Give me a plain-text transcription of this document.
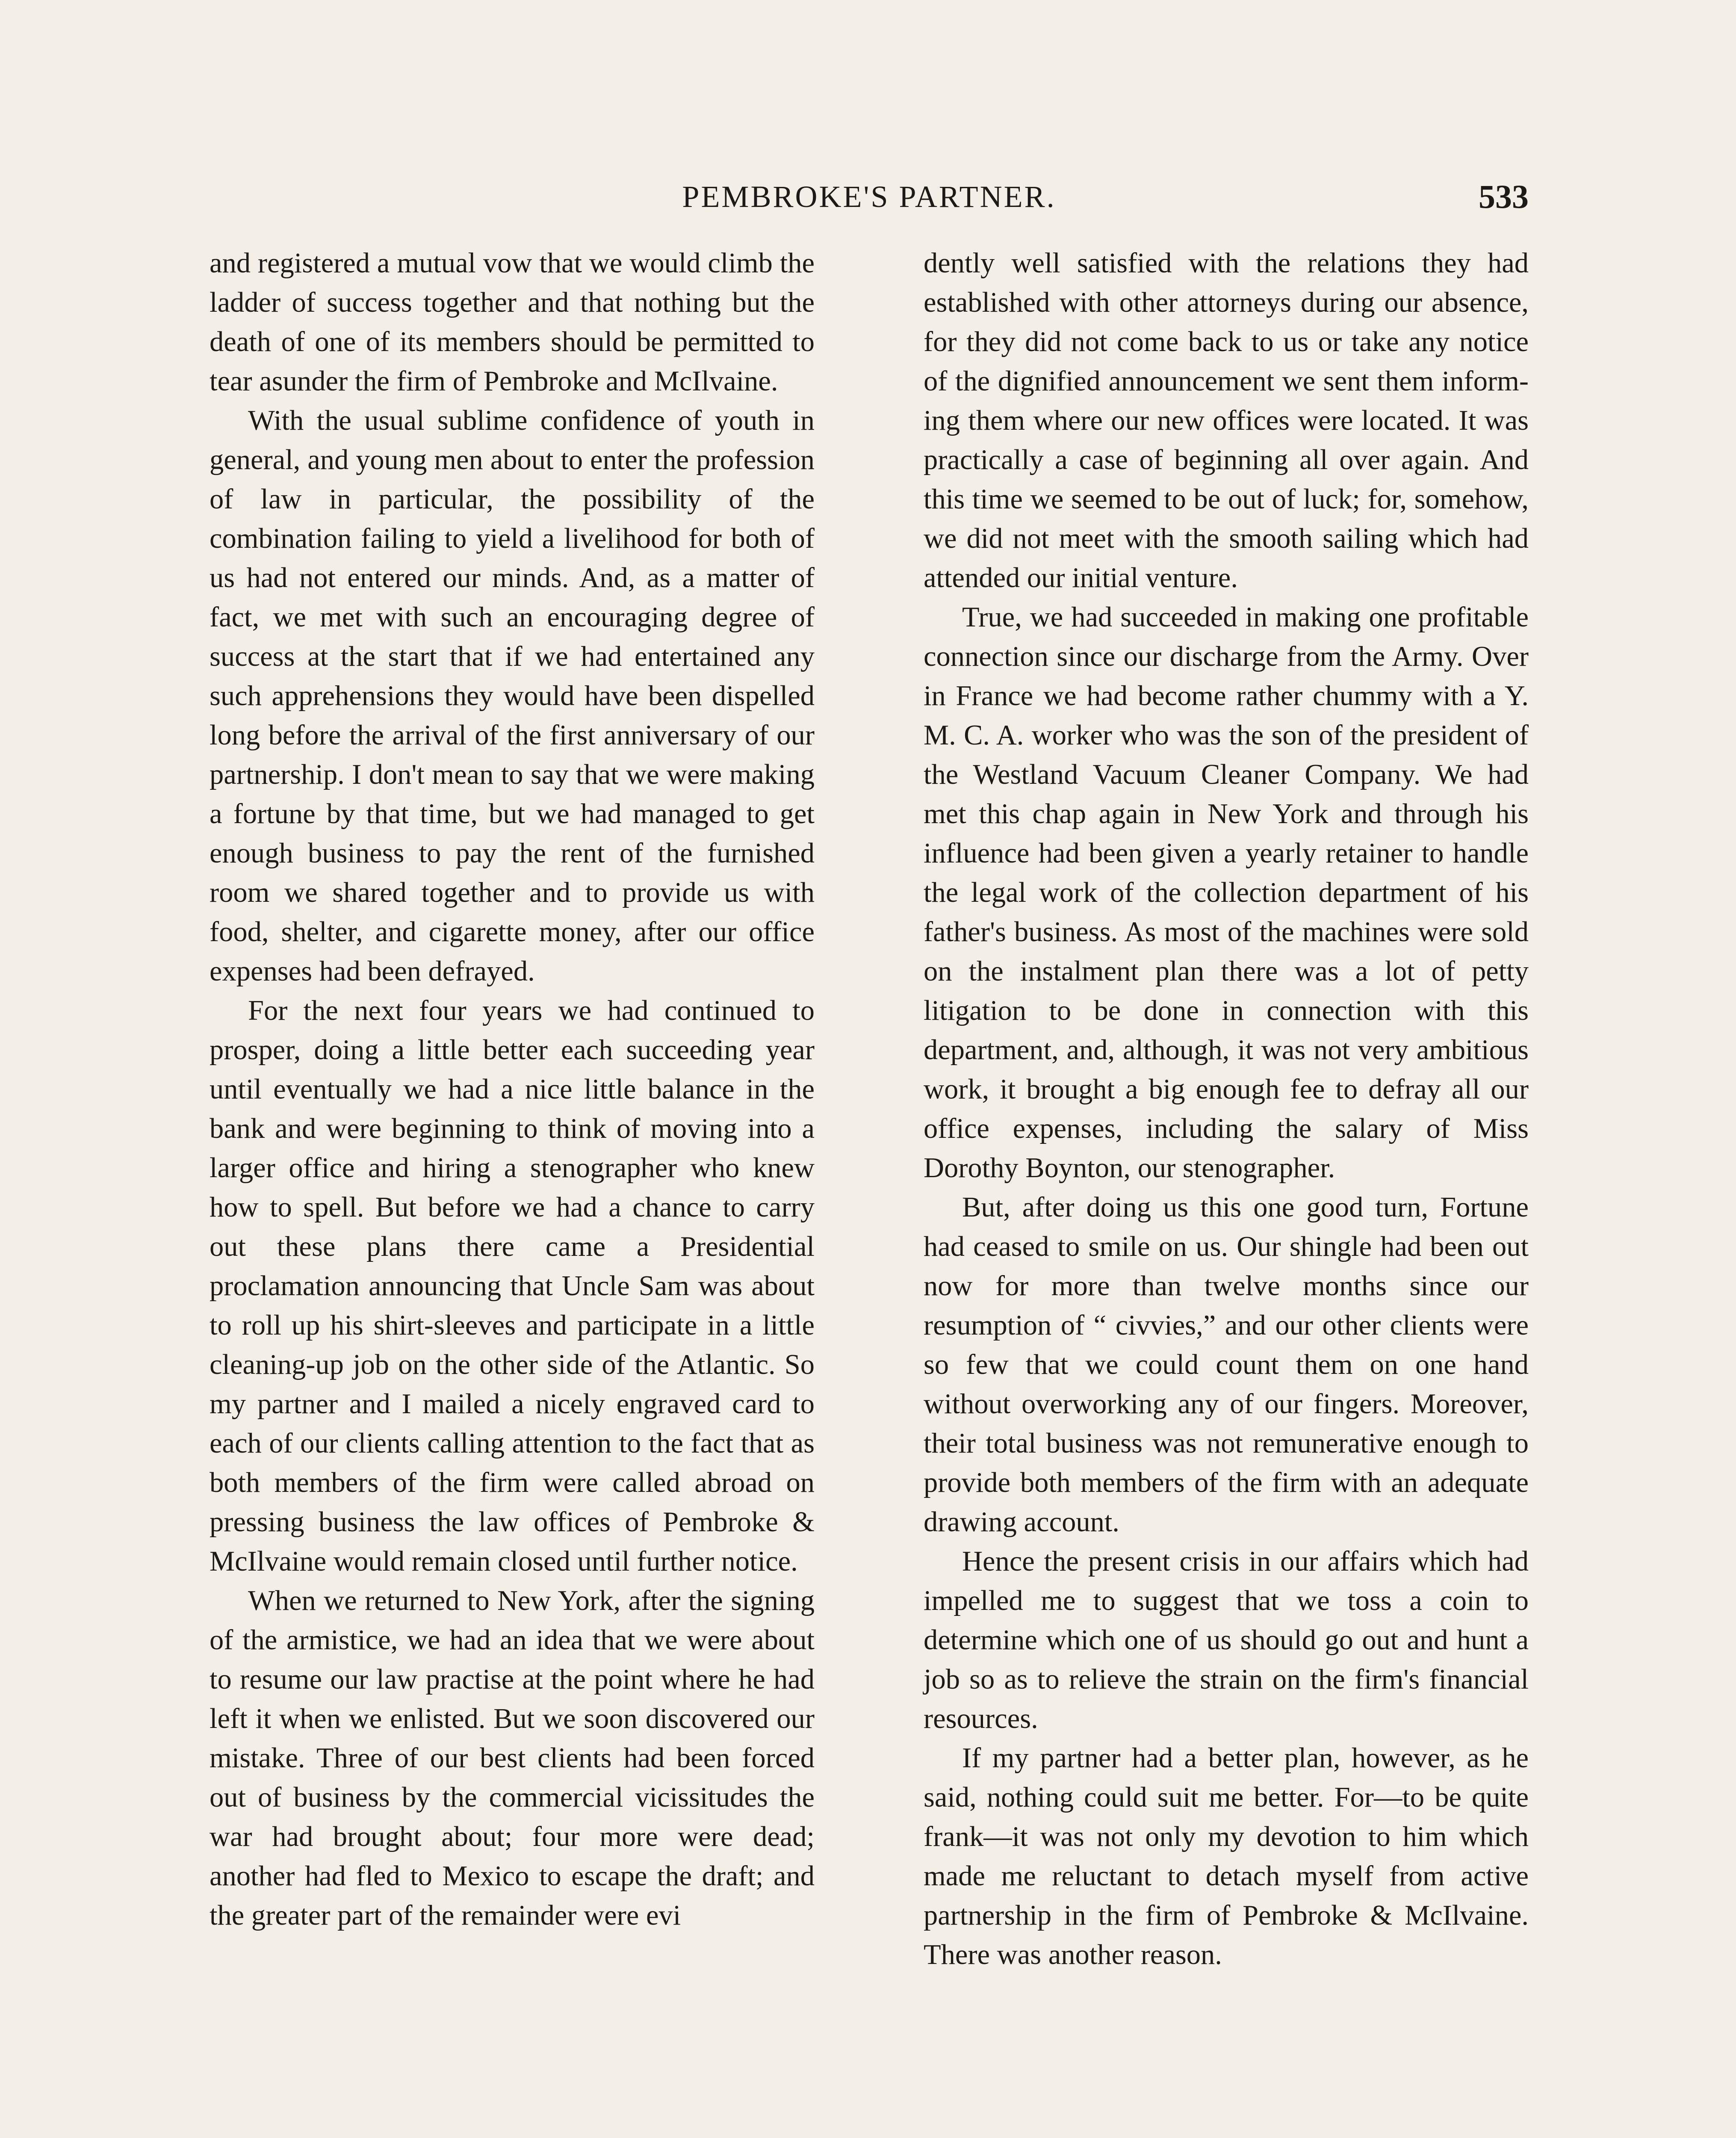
PEMBROKE'S PARTNER.	533

and registered a mutual vow that we would climb the ladder of success together and that nothing but the death of one of its members should be permitted to tear asunder the firm of Pembroke and McIlvaine.

With the usual sublime confidence of youth in general, and young men about to enter the profession of law in particular, the possibility of the combination failing to yield a livelihood for both of us had not entered our minds. And, as a matter of fact, we met with such an encouraging degree of success at the start that if we had entertained any such apprehensions they would have been dispelled long before the arrival of the first anniversary of our partnership. I don't mean to say that we were making a fortune by that time, but we had managed to get enough business to pay the rent of the furnished room we shared together and to provide us with food, shelter, and cigarette money, after our office expenses had been defrayed.

For the next four years we had continued to prosper, doing a little better each succeeding year until eventually we had a nice little balance in the bank and were beginning to think of moving into a larger office and hiring a stenographer who knew how to spell. But before we had a chance to carry out these plans there came a Presidential proclamation announcing that Uncle Sam was about to roll up his shirt-sleeves and participate in a little cleaning-up job on the other side of the Atlantic. So my partner and I mailed a nicely engraved card to each of our clients calling attention to the fact that as both members of the firm were called abroad on pressing business the law offices of Pembroke & McIlvaine would remain closed until further notice.

When we returned to New York, after the signing of the armistice, we had an idea that we were about to resume our law practise at the point where he had left it when we enlisted. But we soon discovered our mistake. Three of our best clients had been forced out of business by the commercial vicissitudes the war had brought about; four more were dead; another had fled to Mexico to escape the draft; and the greater part of the remainder were evi

dently well satisfied with the relations they had established with other attorneys during our absence, for they did not come back to us or take any notice of the dignified announcement we sent them informing them where our new offices were located. It was practically a case of beginning all over again. And this time we seemed to be out of luck; for, somehow, we did not meet with the smooth sailing which had attended our initial venture.

True, we had succeeded in making one profitable connection since our discharge from the Army. Over in France we had become rather chummy with a Y. M. C. A. worker who was the son of the president of the Westland Vacuum Cleaner Company. We had met this chap again in New York and through his influence had been given a yearly retainer to handle the legal work of the collection department of his father's business. As most of the machines were sold on the instalment plan there was a lot of petty litigation to be done in connection with this department, and, although, it was not very ambitious work, it brought a big enough fee to defray all our office expenses, including the salary of Miss Dorothy Boynton, our stenographer.

But, after doing us this one good turn, Fortune had ceased to smile on us. Our shingle had been out now for more than twelve months since our resumption of “ civvies,” and our other clients were so few that we could count them on one hand without overworking any of our fingers. Moreover, their total business was not remunerative enough to provide both members of the firm with an adequate drawing account.

Hence the present crisis in our affairs which had impelled me to suggest that we toss a coin to determine which one of us should go out and hunt a job so as to relieve the strain on the firm's financial resources.

If my partner had a better plan, however, as he said, nothing could suit me better. For—to be quite frank—it was not only my devotion to him which made me reluctant to detach myself from active partnership in the firm of Pembroke & McIlvaine. There was another reason.
